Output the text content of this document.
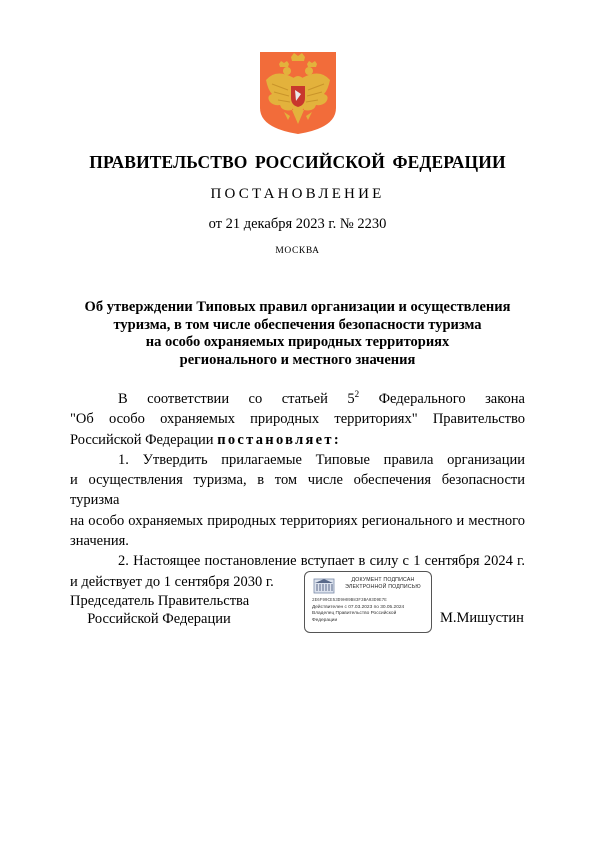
ПРАВИТЕЛЬСТВО РОССИЙСКОЙ ФЕДЕРАЦИИ
ПОСТАНОВЛЕНИЕ
от 21 декабря 2023 г. № 2230
МОСКВА
Об утверждении Типовых правил организации и осуществления
туризма, в том числе обеспечения безопасности туризма
на особо охраняемых природных территориях
регионального и местного значения
В соответствии со статьей $5^2$ Федерального закона
"Об особо охраняемых природных территориях" Правительство
Российской Федерации постановляет:
1. Утвердить прилагаемые Типовые правила организации
и осуществления туризма, в том числе обеспечения безопасности туризма
на особо охраняемых природных территориях регионального и местного
значения.
2. Настоящее постановление вступает в силу с 1 сентября 2024 г.
и действует до 1 сентября 2030 г.
Председатель Правительства
Российской Федерации
ДОКУМЕНТ ПОДПИСАН
ЭЛЕКТРОННОЙ ПОДПИСЬЮ
2E6F99CE53D9H09B83F3BA03D9E7E
Действителен с 07.03.2023 по 30.05.2024
Владелец Правительство Российской
Федерации	М.Мишустин
